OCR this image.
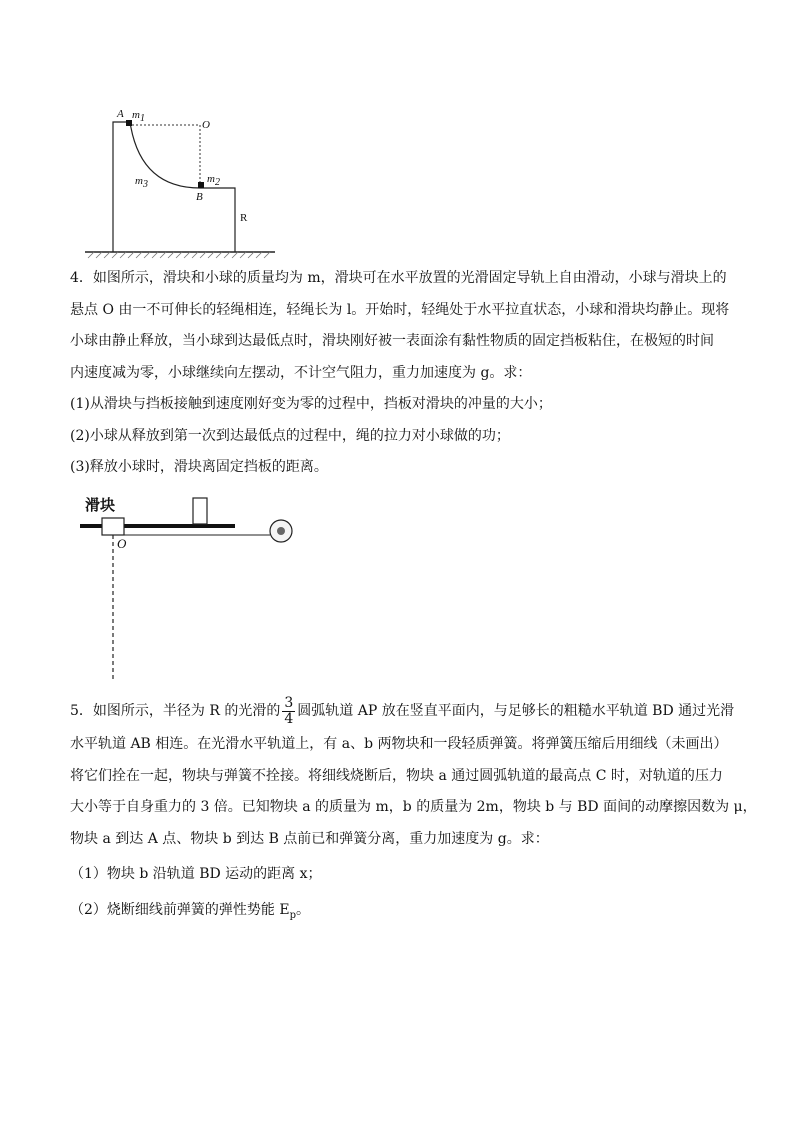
A $m_1$
O
$m_3$	$m_2$
B
R
4．如图所示，滑块和小球的质量均为 m，滑块可在水平放置的光滑固定导轨上自由滑动，小球与滑块上的
悬点 O 由一不可伸长的轻绳相连，轻绳长为 l。开始时，轻绳处于水平拉直状态，小球和滑块均静止。现将
小球由静止释放，当小球到达最低点时，滑块刚好被一表面涂有黏性物质的固定挡板粘住，在极短的时间
内速度减为零，小球继续向左摆动，不计空气阻力，重力加速度为 g。求：
(1)从滑块与挡板接触到速度刚好变为零的过程中，挡板对滑块的冲量的大小；
(2)小球从释放到第一次到达最低点的过程中，绳的拉力对小球做的功；
(3)释放小球时，滑块离固定挡板的距离。
滑块
O
5．如图所示，半径为 R 的光滑的 $\frac{3}{4}$ 圆弧轨道 AP 放在竖直平面内，与足够长的粗糙水平轨道 BD 通过光滑
水平轨道 AB 相连。在光滑水平轨道上，有 a、b 两物块和一段轻质弹簧。将弹簧压缩后用细线（未画出）
将它们拴在一起，物块与弹簧不拴接。将细线烧断后，物块 a 通过圆弧轨道的最高点 C 时，对轨道的压力
大小等于自身重力的 3 倍。已知物块 a 的质量为 m，b 的质量为 2m，物块 b 与 BD 面间的动摩擦因数为 μ，
物块 a 到达 A 点、物块 b 到达 B 点前已和弹簧分离，重力加速度为 g。求：
（1）物块 b 沿轨道 BD 运动的距离 x；
（2）烧断细线前弹簧的弹性势能 $E_p$。
